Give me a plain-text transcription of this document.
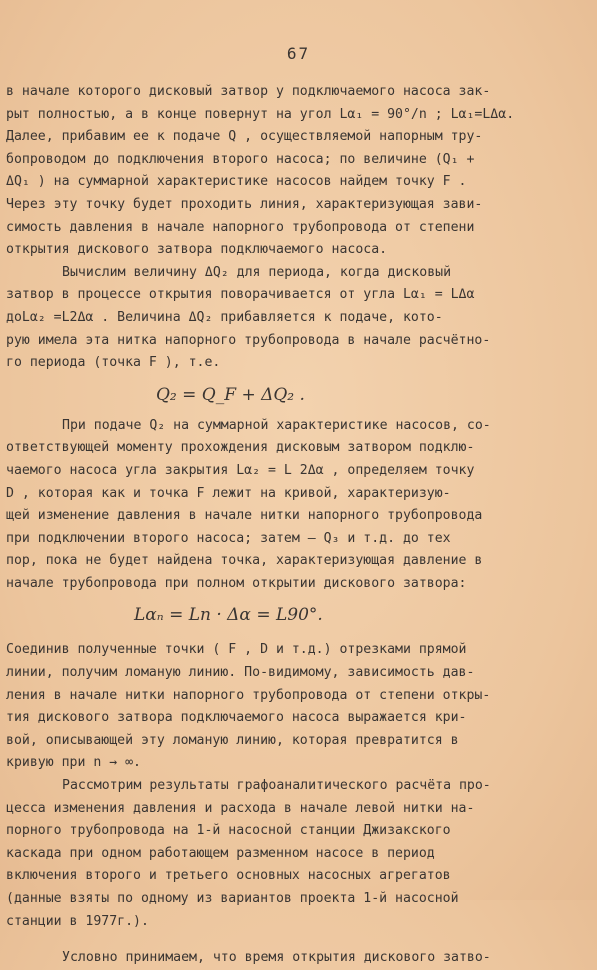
67
в начале которого дисковый затвор у подключаемого насоса зак-
рыт полностью, а в конце повернут на угол Lα₁ = 90°/n ; Lα₁=LΔα.
Далее, прибавим ее к подаче Q , осуществляемой напорным тру-
бопроводом до подключения второго насоса; по величине (Q₁ +
ΔQ₁ ) на суммарной характеристике насосов найдем точку F .
Через эту точку будет проходить линия, характеризующая зави-
симость давления в начале напорного трубопровода от степени
открытия дискового затвора подключаемого насоса.
Вычислим величину ΔQ₂ для периода, когда дисковый
затвор в процессе открытия поворачивается от угла Lα₁ = LΔα
доLα₂ =L2Δα . Величина ΔQ₂ прибавляется к подаче, кото-
рую имела эта нитка напорного трубопровода в начале расчётно-
го периода (точка F ), т.е.
Q₂ = Q_F + ΔQ₂ .
При подаче Q₂ на суммарной характеристике насосов, со-
ответствующей моменту прохождения дисковым затвором подклю-
чаемого насоса угла закрытия Lα₂ = L 2Δα , определяем точку
D , которая как и точка F лежит на кривой, характеризую-
щей изменение давления в начале нитки напорного трубопровода
при подключении второго насоса; затем – Q₃ и т.д. до тех
пор, пока не будет найдена точка, характеризующая давление в
начале трубопровода при полном открытии дискового затвора:
Lαₙ = Ln · Δα = L90°.
Соединив полученные точки ( F , D и т.д.) отрезками прямой
линии, получим ломаную линию. По-видимому, зависимость дав-
ления в начале нитки напорного трубопровода от степени откры-
тия дискового затвора подключаемого насоса выражается кри-
вой, описывающей эту ломаную линию, которая превратится в
кривую при n → ∞.
Рассмотрим результаты графоаналитического расчёта про-
цесса изменения давления и расхода в начале левой нитки на-
порного трубопровода на 1-й насосной станции Джизакского
каскада при одном работающем разменном насосе в период
включения второго и третьего основных насосных агрегатов
(данные взяты по одному из вариантов проекта 1-й насосной
станции в 1977г.).
Условно принимаем, что время открытия дискового затво-
